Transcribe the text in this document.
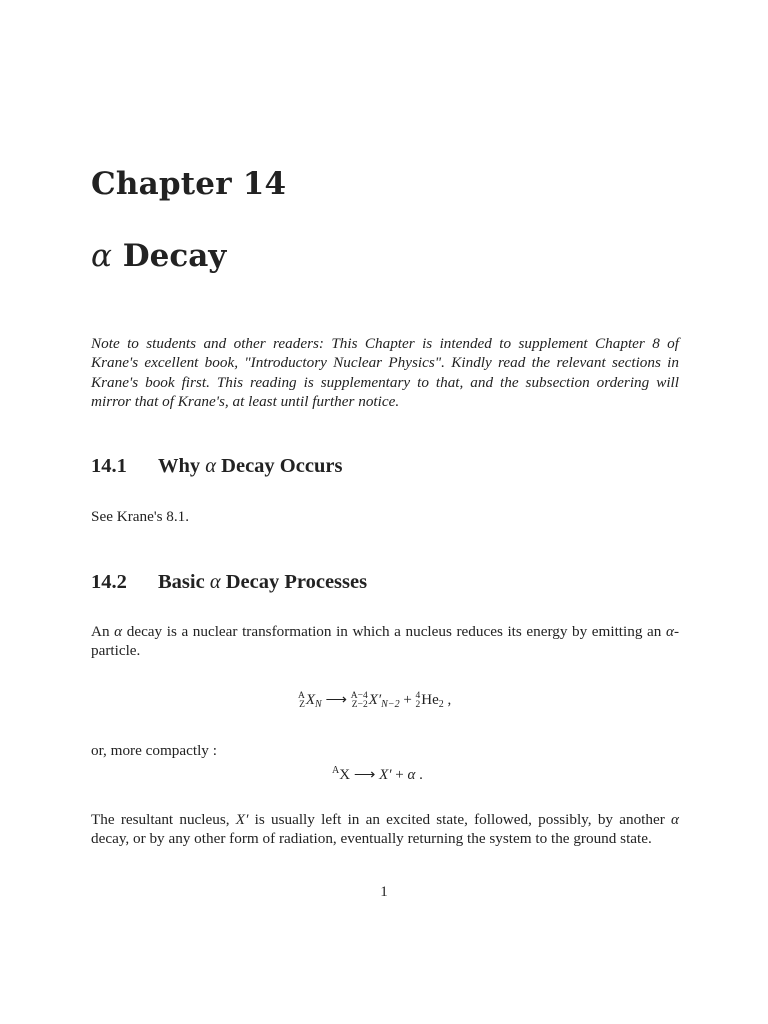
Chapter 14
α Decay
Note to students and other readers: This Chapter is intended to supplement Chapter 8 of Krane's excellent book, "Introductory Nuclear Physics". Kindly read the relevant sections in Krane's book first. This reading is supplementary to that, and the subsection ordering will mirror that of Krane's, at least until further notice.
14.1 Why α Decay Occurs
See Krane's 8.1.
14.2 Basic α Decay Processes
An α decay is a nuclear transformation in which a nucleus reduces its energy by emitting an α-particle.
A
Z $X_N$ ⟶ A−4
Z−2 $X'_{N-2} + 4$
2 $He_2$ ,
or, more compactly :
$^A$X ⟶ X′ + α .
The resultant nucleus, X′ is usually left in an excited state, followed, possibly, by another α decay, or by any other form of radiation, eventually returning the system to the ground state.
1
